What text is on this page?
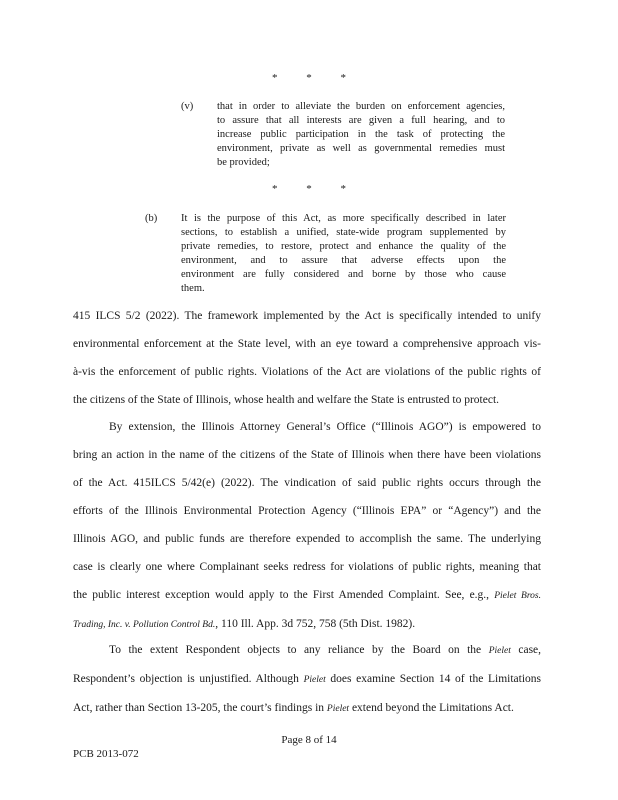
* * *
(v) that in order to alleviate the burden on enforcement agencies,

to assure that all interests are given a full hearing, and to

increase public participation in the task of protecting the

environment, private as well as governmental remedies must

be provided;

* * *
(b) It is the purpose of this Act, as more specifically described in later

sections, to establish a unified, state-wide program supplemented by

private remedies, to restore, protect and enhance the quality of the

environment, and to assure that adverse effects upon the

environment are fully considered and borne by those who cause

them.

415 ILCS 5/2 (2022). The framework implemented by the Act is specifically intended to unify

environmental enforcement at the State level, with an eye toward a comprehensive approach vis-

à-vis the enforcement of public rights. Violations of the Act are violations of the public rights of

the citizens of the State of Illinois, whose health and welfare the State is entrusted to protect.

By extension, the Illinois Attorney General’s Office (“Illinois AGO”) is empowered to

bring an action in the name of the citizens of the State of Illinois when there have been violations

of the Act. 415ILCS 5/42(e) (2022). The vindication of said public rights occurs through the

efforts of the Illinois Environmental Protection Agency (“Illinois EPA” or “Agency”) and the

Illinois AGO, and public funds are therefore expended to accomplish the same. The underlying

case is clearly one where Complainant seeks redress for violations of public rights, meaning that

the public interest exception would apply to the First Amended Complaint. See, e.g., Pielet Bros.

Trading, Inc. v. Pollution Control Bd., 110 Ill. App. 3d 752, 758 (5th Dist. 1982).

To the extent Respondent objects to any reliance by the Board on the Pielet case,

Respondent’s objection is unjustified. Although Pielet does examine Section 14 of the Limitations

Act, rather than Section 13-205, the court’s findings in Pielet extend beyond the Limitations Act.

Page 8 of 14
PCB 2013-072
